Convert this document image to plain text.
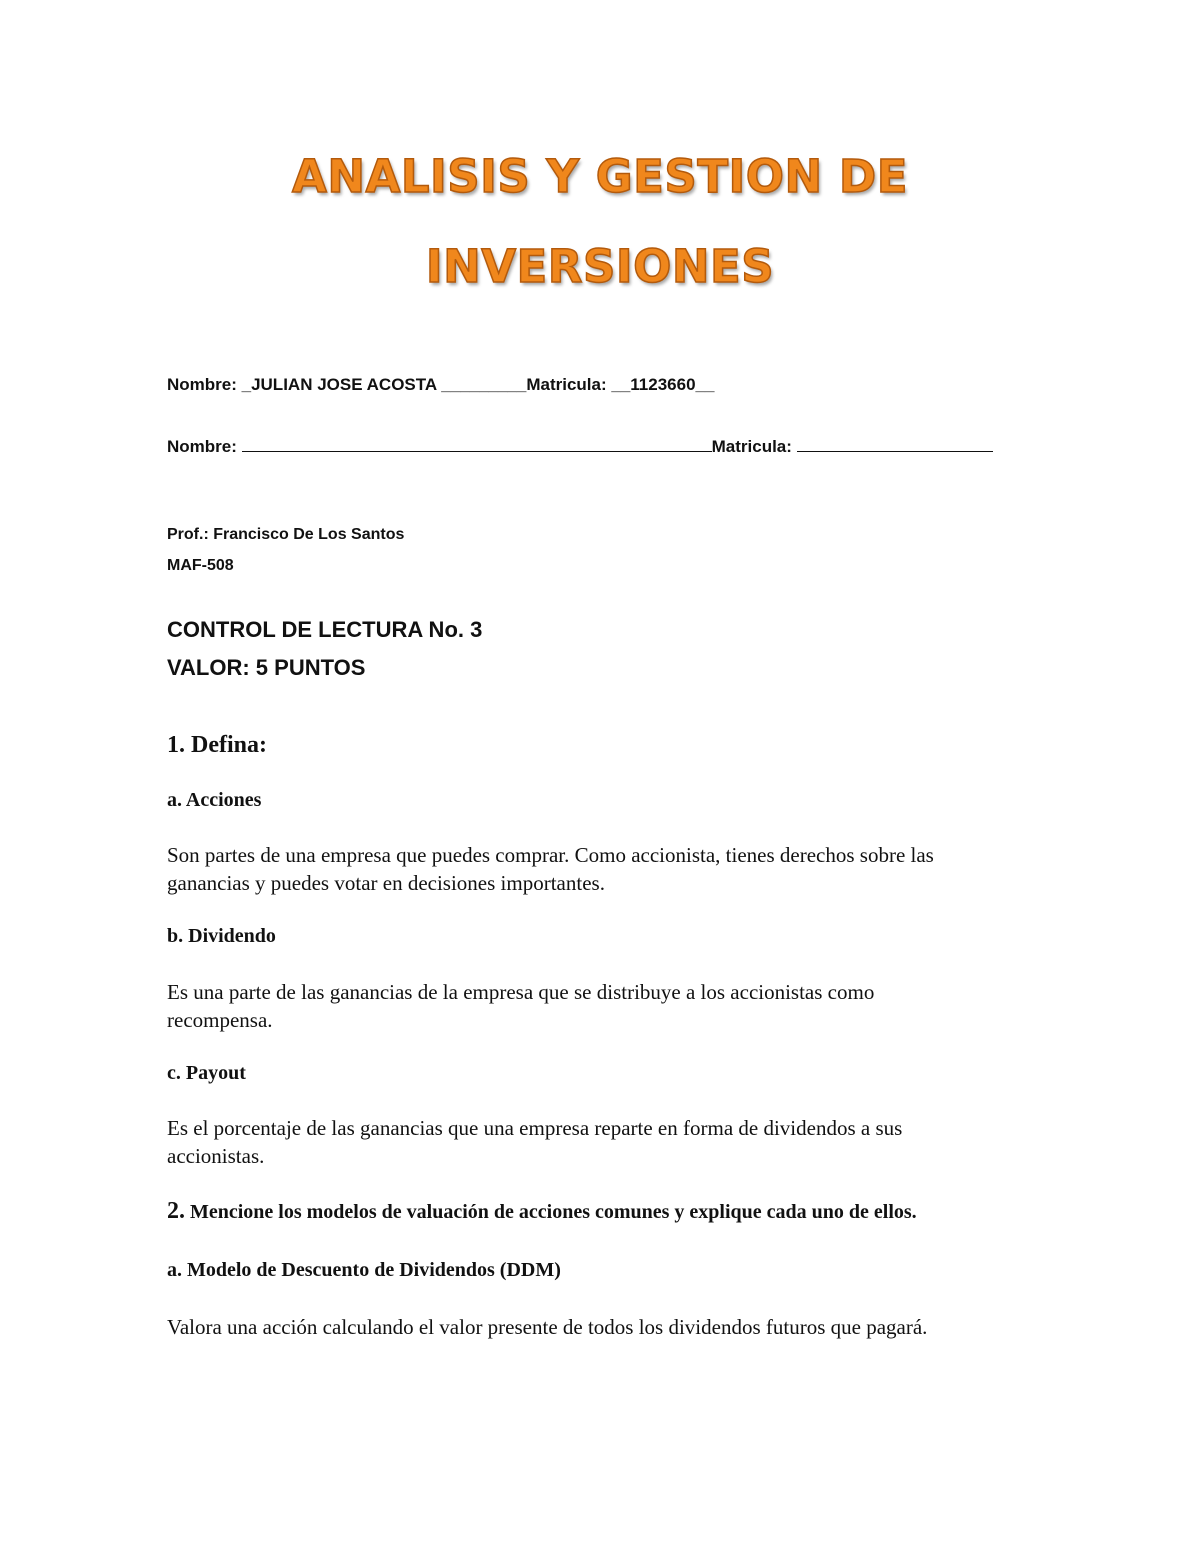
ANALISIS Y GESTION DE
INVERSIONES
Nombre: _JULIAN JOSE ACOSTA _________Matricula: __1123660__
Nombre:	Matricula:
Prof.: Francisco De Los Santos
MAF-508
CONTROL DE LECTURA No. 3
VALOR: 5 PUNTOS
1. Defina:
a. Acciones
Son partes de una empresa que puedes comprar. Como accionista, tienes derechos sobre las
ganancias y puedes votar en decisiones importantes.
b. Dividendo
Es una parte de las ganancias de la empresa que se distribuye a los accionistas como
recompensa.
c. Payout
Es el porcentaje de las ganancias que una empresa reparte en forma de dividendos a sus
accionistas.
2. Mencione los modelos de valuación de acciones comunes y explique cada uno de ellos.
a. Modelo de Descuento de Dividendos (DDM)
Valora una acción calculando el valor presente de todos los dividendos futuros que pagará.
